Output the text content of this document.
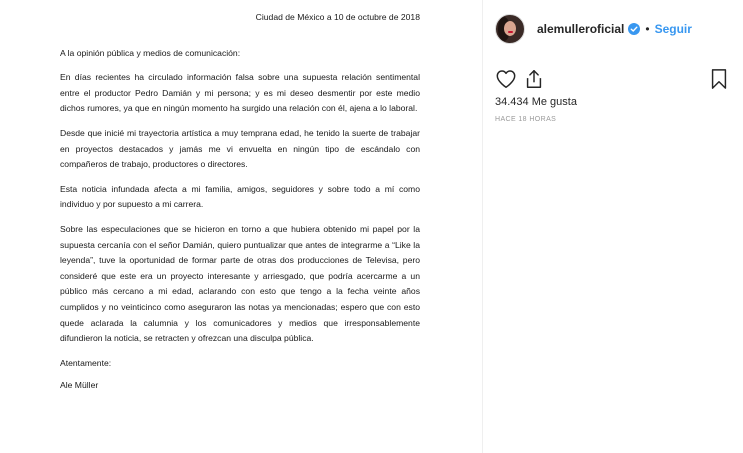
Ciudad de México a 10 de octubre de 2018

A la opinión pública y medios de comunicación:

En días recientes ha circulado información falsa sobre una supuesta relación sentimental entre el productor Pedro Damián y mi persona; y es mi deseo desmentir por este medio dichos rumores, ya que en ningún momento ha surgido una relación con él, ajena a lo laboral.

Desde que inicié mi trayectoria artística a muy temprana edad, he tenido la suerte de trabajar en proyectos destacados y jamás me vi envuelta en ningún tipo de escándalo con compañeros de trabajo, productores o directores.

Esta noticia infundada afecta a mi familia, amigos, seguidores y sobre todo a mí como individuo y por supuesto a mi carrera.

Sobre las especulaciones que se hicieron en torno a que hubiera obtenido mi papel por la supuesta cercanía con el señor Damián, quiero puntualizar que antes de integrarme a “Like la leyenda”, tuve la oportunidad de formar parte de otras dos producciones de Televisa, pero consideré que este era un proyecto interesante y arriesgado, que podría acercarme a un público más cercano a mi edad, aclarando con esto que tengo a la fecha veinte años cumplidos y no veinticinco como aseguraron las notas ya mencionadas; espero que con esto quede aclarada la calumnia y los comunicadores y medios que irresponsablemente difundieron la noticia, se retracten y ofrezcan una disculpa pública.

Atentamente:

Ale Müller

alemulleroficial • Seguir
34.434 Me gusta
HACE 18 HORAS
